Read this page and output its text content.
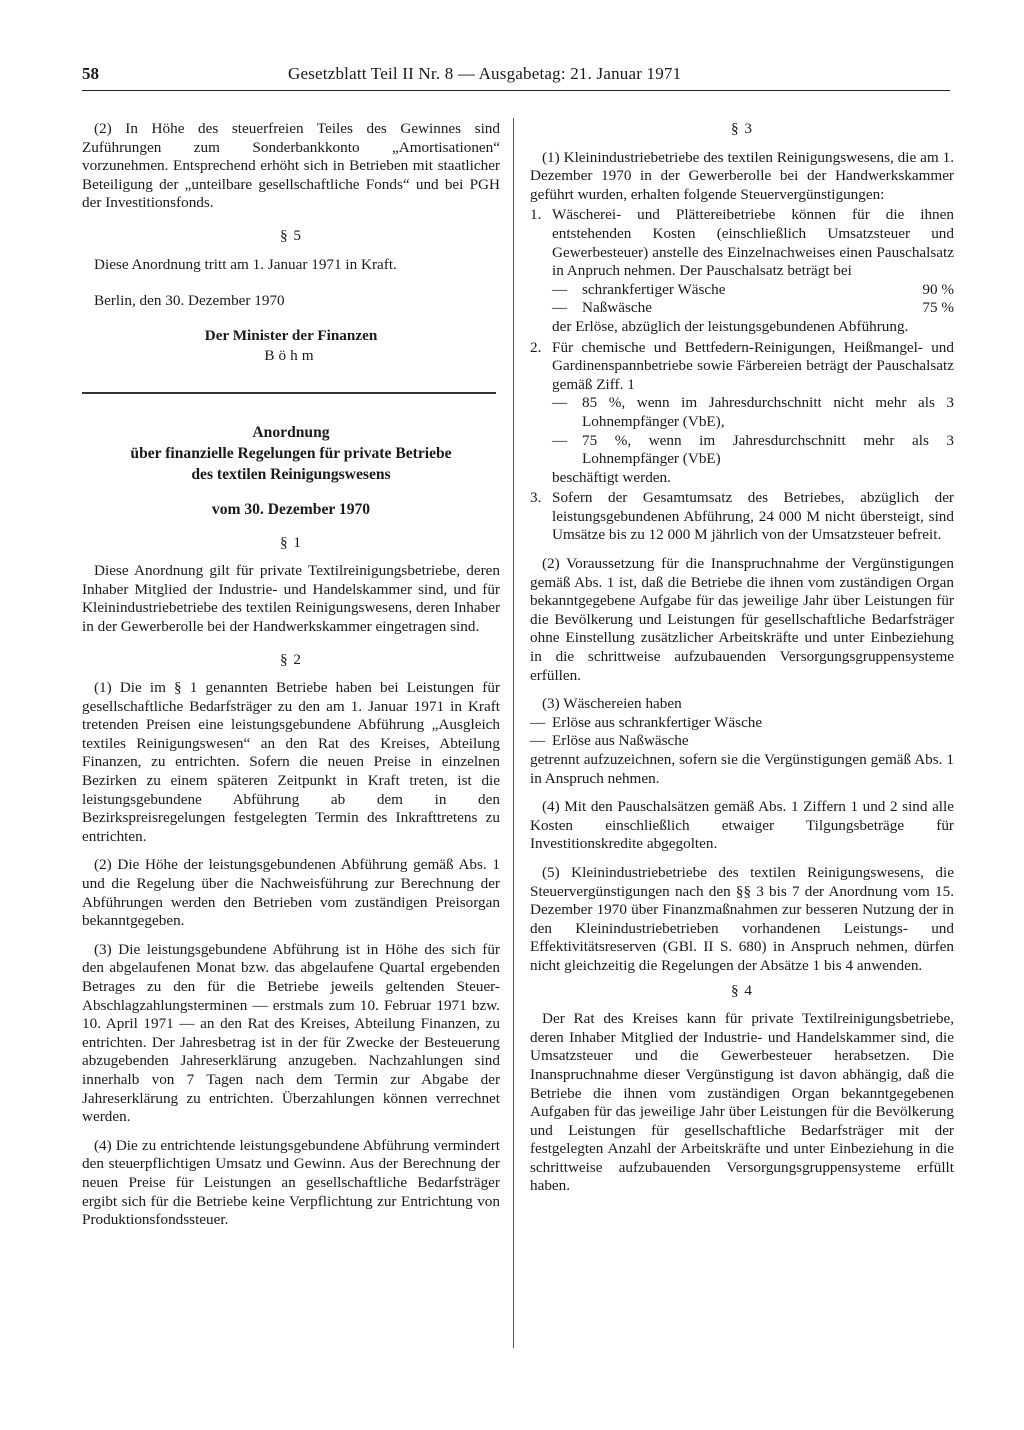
58	Gesetzblatt Teil II Nr. 8 — Ausgabetag: 21. Januar 1971

(2) In Höhe des steuerfreien Teiles des Gewinnes sind Zuführungen zum Sonderbankkonto „Amortisationen“ vorzunehmen. Entsprechend erhöht sich in Betrieben mit staatlicher Beteiligung der „unteilbare gesellschaftliche Fonds“ und bei PGH der Investitionsfonds.

§ 5

Diese Anordnung tritt am 1. Januar 1971 in Kraft.

Berlin, den 30. Dezember 1970

Der Minister der Finanzen

Böhm

Anordnung

über finanzielle Regelungen für private Betriebe

des textilen Reinigungswesens

vom 30. Dezember 1970

§ 1

Diese Anordnung gilt für private Textilreinigungsbetriebe, deren Inhaber Mitglied der Industrie- und Handelskammer sind, und für Kleinindustriebetriebe des textilen Reinigungswesens, deren Inhaber in der Gewerberolle bei der Handwerkskammer eingetragen sind.

§ 2

(1) Die im § 1 genannten Betriebe haben bei Leistungen für gesellschaftliche Bedarfsträger zu den am 1. Januar 1971 in Kraft tretenden Preisen eine leistungsgebundene Abführung „Ausgleich textiles Reinigungswesen“ an den Rat des Kreises, Abteilung Finanzen, zu entrichten. Sofern die neuen Preise in einzelnen Bezirken zu einem späteren Zeitpunkt in Kraft treten, ist die leistungsgebundene Abführung ab dem in den Bezirkspreisregelungen festgelegten Termin des Inkrafttretens zu entrichten.

(2) Die Höhe der leistungsgebundenen Abführung gemäß Abs. 1 und die Regelung über die Nachweisführung zur Berechnung der Abführungen werden den Betrieben vom zuständigen Preisorgan bekanntgegeben.

(3) Die leistungsgebundene Abführung ist in Höhe des sich für den abgelaufenen Monat bzw. das abgelaufene Quartal ergebenden Betrages zu den für die Betriebe jeweils geltenden Steuer-Abschlagzahlungsterminen — erstmals zum 10. Februar 1971 bzw. 10. April 1971 — an den Rat des Kreises, Abteilung Finanzen, zu entrichten. Der Jahresbetrag ist in der für Zwecke der Besteuerung abzugebenden Jahreserklärung anzugeben. Nachzahlungen sind innerhalb von 7 Tagen nach dem Termin zur Abgabe der Jahreserklärung zu entrichten. Überzahlungen können verrechnet werden.

(4) Die zu entrichtende leistungsgebundene Abführung vermindert den steuerpflichtigen Umsatz und Gewinn. Aus der Berechnung der neuen Preise für Leistungen an gesellschaftliche Bedarfsträger ergibt sich für die Betriebe keine Verpflichtung zur Entrichtung von Produktionsfondssteuer.

§ 3

(1) Kleinindustriebetriebe des textilen Reinigungswesens, die am 1. Dezember 1970 in der Gewerberolle bei der Handwerkskammer geführt wurden, erhalten folgende Steuervergünstigungen:

1. Wäscherei- und Plättereibetriebe können für die ihnen entstehenden Kosten (einschließlich Umsatzsteuer und Gewerbesteuer) anstelle des Einzelnachweises einen Pauschalsatz in Anpruch nehmen. Der Pauschalsatz beträgt bei

— schrankfertiger Wäsche	90 %
— Naßwäsche	75 %

der Erlöse, abzüglich der leistungsgebundenen Abführung.

2. Für chemische und Bettfedern-Reinigungen, Heißmangel- und Gardinenspannbetriebe sowie Färbereien beträgt der Pauschalsatz gemäß Ziff. 1

— 85 %, wenn im Jahresdurchschnitt nicht mehr als 3 Lohnempfänger (VbE),
— 75 %, wenn im Jahresdurchschnitt mehr als 3 Lohnempfänger (VbE)

beschäftigt werden.

3. Sofern der Gesamtumsatz des Betriebes, abzüglich der leistungsgebundenen Abführung, 24 000 M nicht übersteigt, sind Umsätze bis zu 12 000 M jährlich von der Umsatzsteuer befreit.

(2) Voraussetzung für die Inanspruchnahme der Vergünstigungen gemäß Abs. 1 ist, daß die Betriebe die ihnen vom zuständigen Organ bekanntgegebene Aufgabe für das jeweilige Jahr über Leistungen für die Bevölkerung und Leistungen für gesellschaftliche Bedarfsträger ohne Einstellung zusätzlicher Arbeitskräfte und unter Einbeziehung in die schrittweise aufzubauenden Versorgungsgruppensysteme erfüllen.

(3) Wäschereien haben

— Erlöse aus schrankfertiger Wäsche
— Erlöse aus Naßwäsche

getrennt aufzuzeichnen, sofern sie die Vergünstigungen gemäß Abs. 1 in Anspruch nehmen.

(4) Mit den Pauschalsätzen gemäß Abs. 1 Ziffern 1 und 2 sind alle Kosten einschließlich etwaiger Tilgungsbeträge für Investitionskredite abgegolten.

(5) Kleinindustriebetriebe des textilen Reinigungswesens, die Steuervergünstigungen nach den §§ 3 bis 7 der Anordnung vom 15. Dezember 1970 über Finanzmaßnahmen zur besseren Nutzung der in den Kleinindustriebetrieben vorhandenen Leistungs- und Effektivitätsreserven (GBl. II S. 680) in Anspruch nehmen, dürfen nicht gleichzeitig die Regelungen der Absätze 1 bis 4 anwenden.

§ 4

Der Rat des Kreises kann für private Textilreinigungsbetriebe, deren Inhaber Mitglied der Industrie- und Handelskammer sind, die Umsatzsteuer und die Gewerbesteuer herabsetzen. Die Inanspruchnahme dieser Vergünstigung ist davon abhängig, daß die Betriebe die ihnen vom zuständigen Organ bekanntgegebenen Aufgaben für das jeweilige Jahr über Leistungen für die Bevölkerung und Leistungen für gesellschaftliche Bedarfsträger mit der festgelegten Anzahl der Arbeitskräfte und unter Einbeziehung in die schrittweise aufzubauenden Versorgungsgruppensysteme erfüllt haben.
